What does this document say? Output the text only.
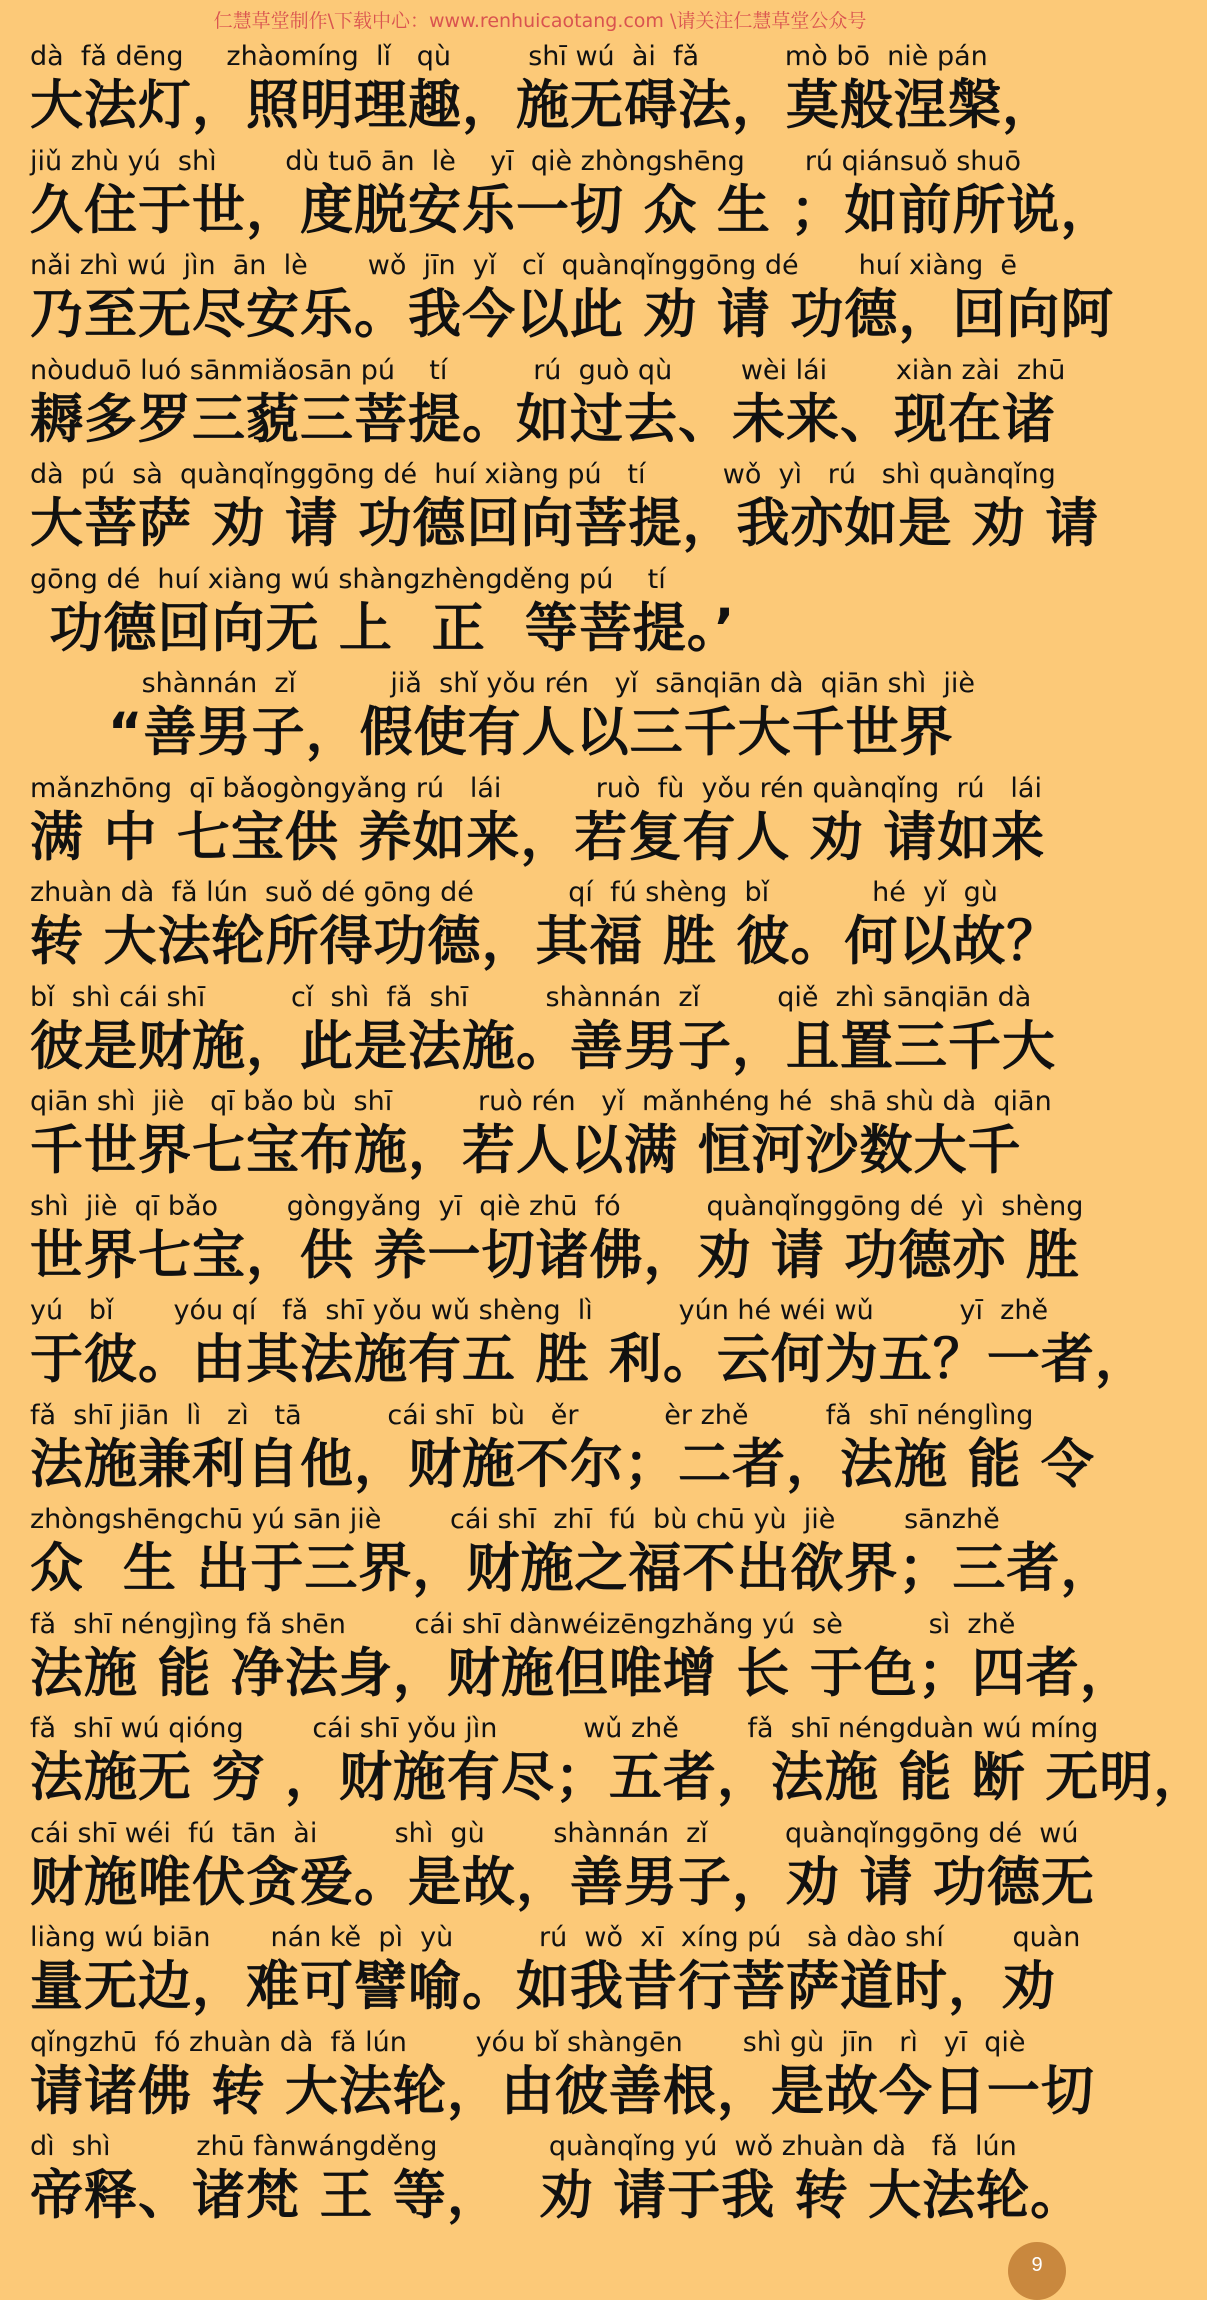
仁慧草堂制作\下载中心：www.renhuicaotang.com \请关注仁慧草堂公众号
dà  fǎ dēng     zhàomíng  lǐ   qù         shī wú  ài  fǎ          mò bō  niè pán
大法灯，照明理趣，施无碍法，莫般涅槃，
jiǔ zhù yú  shì        dù tuō ān  lè    yī  qiè zhòngshēng       rú qiánsuǒ shuō
久住于世，度脱安乐一切 众 生 ；如前所说，
nǎi zhì wú  jìn  ān  lè       wǒ  jīn  yǐ   cǐ  quànqǐnggōng dé       huí xiàng  ē
乃至无尽安乐。我今以此 劝 请 功德，回向阿
nòuduō luó sānmiǎosān pú    tí          rú  guò qù        wèi lái        xiàn zài  zhū
耨多罗三藐三菩提。如过去、未来、现在诸
dà  pú  sà  quànqǐnggōng dé  huí xiàng pú   tí         wǒ  yì   rú   shì quànqǐng
大菩萨 劝 请 功德回向菩提，我亦如是 劝 请
gōng dé  huí xiàng wú shàngzhèngděng pú    tí
功德回向无 上  正  等菩提。’
shànnán  zǐ           jiǎ  shǐ yǒu rén   yǐ  sānqiān dà  qiān shì  jiè
“善男子，假使有人以三千大千世界
mǎnzhōng  qī bǎogòngyǎng rú   lái           ruò  fù  yǒu rén quànqǐng  rú   lái
满 中 七宝供 养如来，若复有人 劝 请如来
zhuàn dà  fǎ lún  suǒ dé gōng dé           qí  fú shèng  bǐ            hé  yǐ  gù
转 大法轮所得功德，其福 胜 彼。何以故？
bǐ  shì cái shī          cǐ  shì  fǎ  shī         shànnán  zǐ         qiě  zhì sānqiān dà
彼是财施，此是法施。善男子，且置三千大
qiān shì  jiè   qī bǎo bù  shī          ruò rén   yǐ  mǎnhéng hé  shā shù dà  qiān
千世界七宝布施，若人以满 恒河沙数大千
shì  jiè  qī bǎo        gòngyǎng  yī  qiè zhū  fó          quànqǐnggōng dé  yì  shèng
世界七宝，供 养一切诸佛，劝 请 功德亦 胜
yú   bǐ       yóu qí   fǎ  shī yǒu wǔ shèng  lì          yún hé wéi wǔ          yī  zhě
于彼。由其法施有五 胜 利。云何为五？一者，
fǎ  shī jiān  lì   zì   tā          cái shī  bù   ěr          èr zhě         fǎ  shī nénglìng
法施兼利自他，财施不尔；二者，法施 能 令
zhòngshēngchū yú sān jiè        cái shī  zhī  fú  bù chū yù  jiè        sānzhě
众  生 出于三界，财施之福不出欲界；三者，
fǎ  shī néngjìng fǎ shēn        cái shī dànwéizēngzhǎng yú  sè          sì  zhě
法施 能 净法身，财施但唯增 长 于色；四者，
fǎ  shī wú qióng        cái shī yǒu jìn          wǔ zhě        fǎ  shī néngduàn wú míng
法施无 穷 ，财施有尽；五者，法施 能 断 无明，
cái shī wéi  fú  tān  ài         shì  gù        shànnán  zǐ         quànqǐnggōng dé  wú
财施唯伏贪爱。是故，善男子，劝 请 功德无
liàng wú biān       nán kě  pì  yù          rú  wǒ  xī  xíng pú   sà dào shí        quàn
量无边，难可譬喻。如我昔行菩萨道时，劝
qǐngzhū  fó zhuàn dà  fǎ lún        yóu bǐ shàngēn       shì gù  jīn   rì   yī  qiè
请诸佛 转 大法轮，由彼善根，是故今日一切
dì  shì          zhū fànwángděng             quànqǐng yú  wǒ zhuàn dà   fǎ  lún
帝释、诸梵 王 等，  劝 请于我 转 大法轮。
9
